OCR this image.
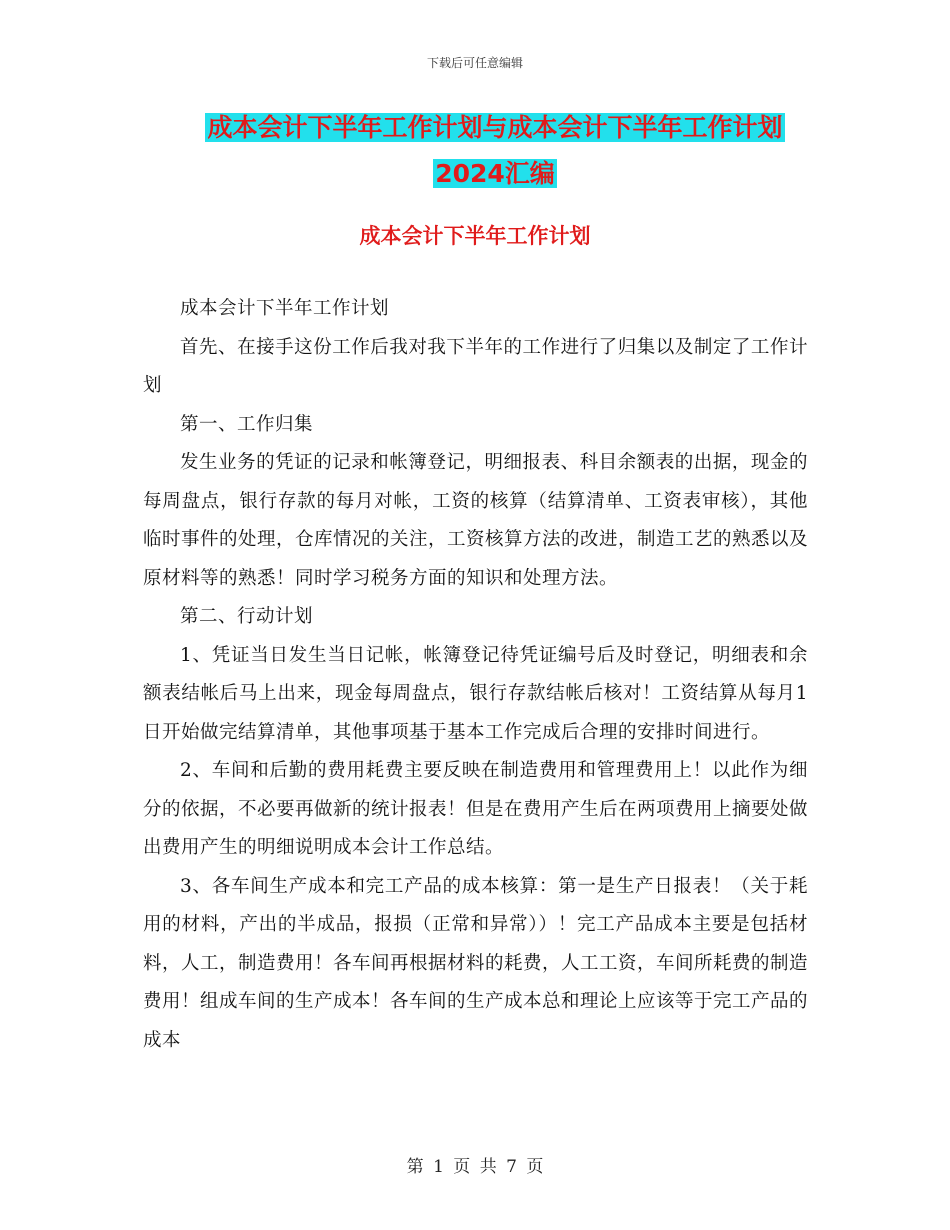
下载后可任意编辑
成本会计下半年工作计划与成本会计下半年工作计划
2024汇编
成本会计下半年工作计划

成本会计下半年工作计划

首先、在接手这份工作后我对我下半年的工作进行了归集以及制定了工作计划

第一、工作归集

发生业务的凭证的记录和帐簿登记，明细报表、科目余额表的出据，现金的每周盘点，银行存款的每月对帐，工资的核算（结算清单、工资表审核），其他临时事件的处理，仓库情况的关注，工资核算方法的改进，制造工艺的熟悉以及原材料等的熟悉！同时学习税务方面的知识和处理方法。

第二、行动计划

1、凭证当日发生当日记帐，帐簿登记待凭证编号后及时登记，明细表和余额表结帐后马上出来，现金每周盘点，银行存款结帐后核对！工资结算从每月1日开始做完结算清单，其他事项基于基本工作完成后合理的安排时间进行。

2、车间和后勤的费用耗费主要反映在制造费用和管理费用上！以此作为细分的依据，不必要再做新的统计报表！但是在费用产生后在两项费用上摘要处做出费用产生的明细说明成本会计工作总结。

3、各车间生产成本和完工产品的成本核算：第一是生产日报表！（关于耗用的材料，产出的半成品，报损（正常和异常））！完工产品成本主要是包括材料，人工，制造费用！各车间再根据材料的耗费，人工工资，车间所耗费的制造费用！组成车间的生产成本！各车间的生产成本总和理论上应该等于完工产品的成本

第 1 页 共 7 页
